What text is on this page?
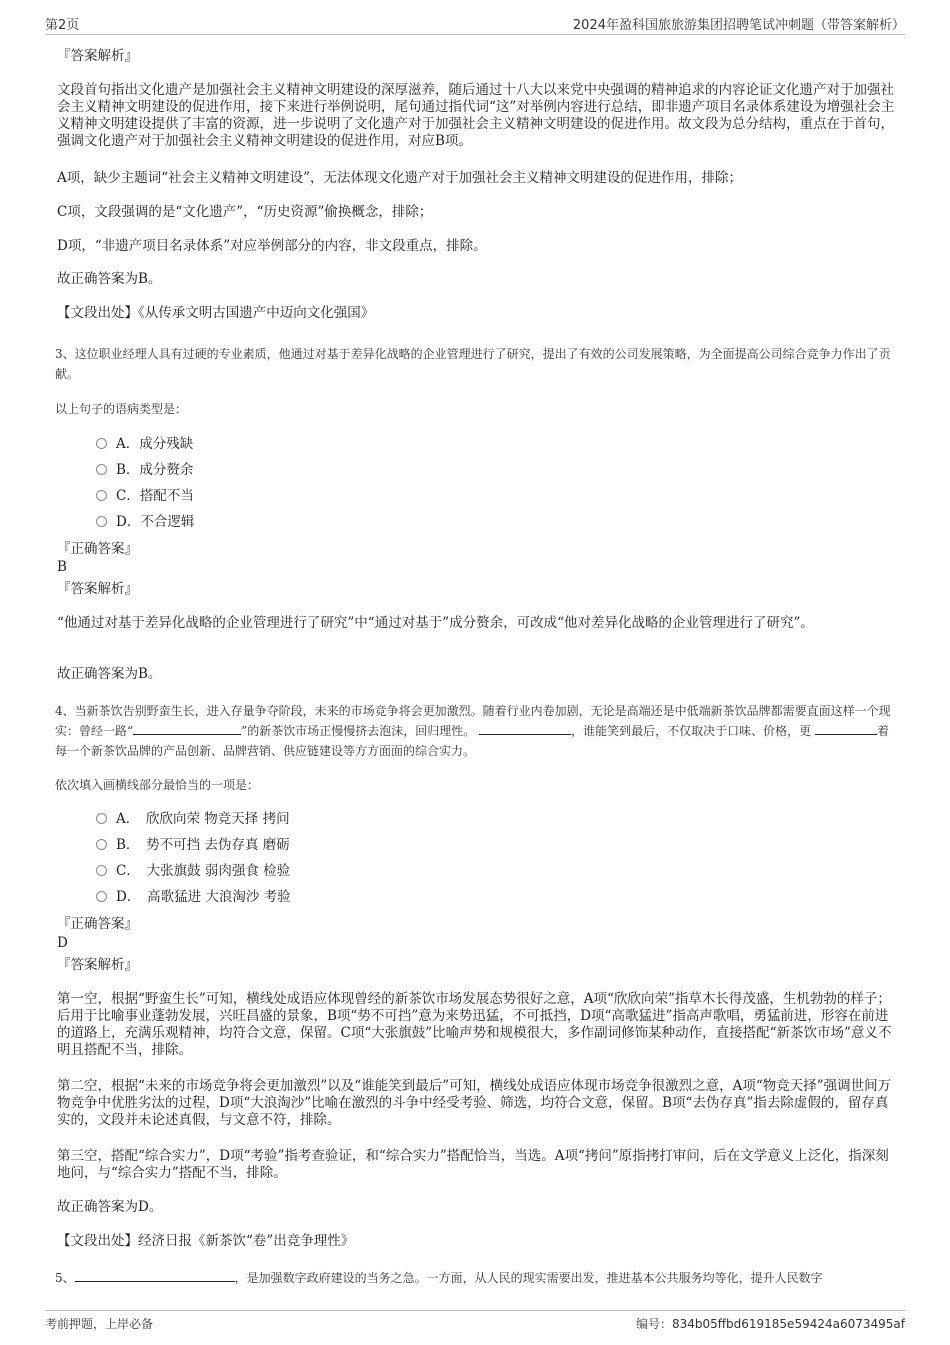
第2页	2024年盈科国旅旅游集团招聘笔试冲刺题（带答案解析）
『答案解析』
文段首句指出文化遗产是加强社会主义精神文明建设的深厚滋养，随后通过十八大以来党中央强调的精神追求的内容论证文化遗产对于加强社会主义精神文明建设的促进作用，接下来进行举例说明，尾句通过指代词“这”对举例内容进行总结，即非遗产项目名录体系建设为增强社会主义精神文明建设提供了丰富的资源，进一步说明了文化遗产对于加强社会主义精神文明建设的促进作用。故文段为总分结构，重点在于首句，强调文化遗产对于加强社会主义精神文明建设的促进作用，对应B项。
A项，缺少主题词“社会主义精神文明建设”，无法体现文化遗产对于加强社会主义精神文明建设的促进作用，排除；
C项，文段强调的是“文化遗产”，“历史资源”偷换概念，排除；
D项，“非遗产项目名录体系”对应举例部分的内容，非文段重点，排除。
故正确答案为B。
【文段出处】《从传承文明古国遗产中迈向文化强国》
3、这位职业经理人具有过硬的专业素质，他通过对基于差异化战略的企业管理进行了研究，提出了有效的公司发展策略，为全面提高公司综合竞争力作出了贡献。
以上句子的语病类型是：
A．成分残缺
B．成分赘余
C．搭配不当
D．不合逻辑
『正确答案』
B
『答案解析』
“他通过对基于差异化战略的企业管理进行了研究”中“通过对基于”成分赘余，可改成“他对差异化战略的企业管理进行了研究”。
故正确答案为B。
4、当新茶饮告别野蛮生长，进入存量争夺阶段，未来的市场竞争将会更加激烈。随着行业内卷加剧，无论是高端还是中低端新茶饮品牌都需要直面这样一个现实：曾经一路“	”的新茶饮市场正慢慢挤去泡沫，回归理性。	，谁能笑到最后，不仅取决于口味、价格，更	着每一个新茶饮品牌的产品创新、品牌营销、供应链建设等方方面面的综合实力。
依次填入画横线部分最恰当的一项是：
A．　欣欣向荣 物竞天择 拷问
B．　势不可挡 去伪存真 磨砺
C．　大张旗鼓 弱肉强食 检验
D．　高歌猛进 大浪淘沙 考验
『正确答案』
D
『答案解析』
第一空，根据“野蛮生长”可知，横线处成语应体现曾经的新茶饮市场发展态势很好之意，A项“欣欣向荣”指草木长得茂盛，生机勃勃的样子；后用于比喻事业蓬勃发展，兴旺昌盛的景象，B项“势不可挡”意为来势迅猛，不可抵挡，D项“高歌猛进”指高声歌唱，勇猛前进，形容在前进的道路上，充满乐观精神，均符合文意，保留。C项“大张旗鼓”比喻声势和规模很大，多作副词修饰某种动作，直接搭配“新茶饮市场”意义不明且搭配不当，排除。
第二空，根据“未来的市场竞争将会更加激烈”以及“谁能笑到最后”可知，横线处成语应体现市场竞争很激烈之意，A项“物竞天择”强调世间万物竞争中优胜劣汰的过程，D项“大浪淘沙”比喻在激烈的斗争中经受考验、筛选，均符合文意，保留。B项“去伪存真”指去除虚假的，留存真实的，文段并未论述真假，与文意不符，排除。
第三空，搭配“综合实力”，D项“考验”指考查验证，和“综合实力”搭配恰当，当选。A项“拷问”原指拷打审问，后在文学意义上泛化，指深刻地问，与“综合实力”搭配不当，排除。
故正确答案为D。
【文段出处】经济日报《新茶饮“卷”出竞争理性》
5、	，是加强数字政府建设的当务之急。一方面，从人民的现实需要出发，推进基本公共服务均等化，提升人民数字
考前押题，上岸必备	编号：834b05ffbd619185e59424a6073495af
